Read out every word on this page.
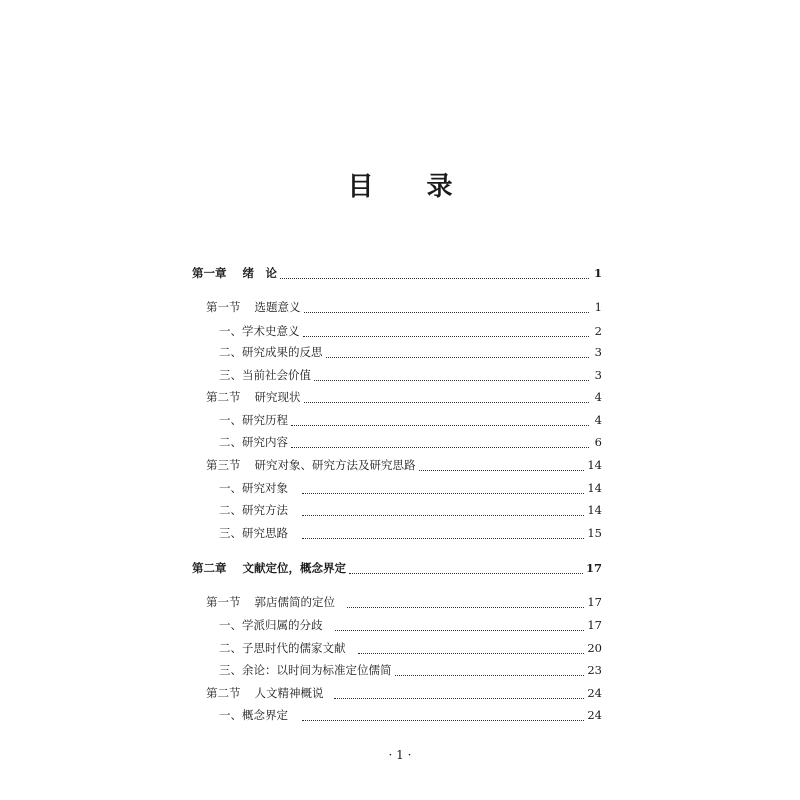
目 录
第一章 绪　论	1
第一节 选题意义	1
一、学术史意义	2
二、研究成果的反思	3
三、当前社会价值	3
第二节 研究现状	4
一、研究历程	4
二、研究内容	6
第三节 研究对象、研究方法及研究思路	14
一、研究对象	14
二、研究方法	14
三、研究思路	15
第二章 文献定位，概念界定	17
第一节 郭店儒简的定位	17
一、学派归属的分歧	17
二、子思时代的儒家文献	20
三、余论：以时间为标准定位儒简	23
第二节 人文精神概说	24
一、概念界定	24
· 1 ·
